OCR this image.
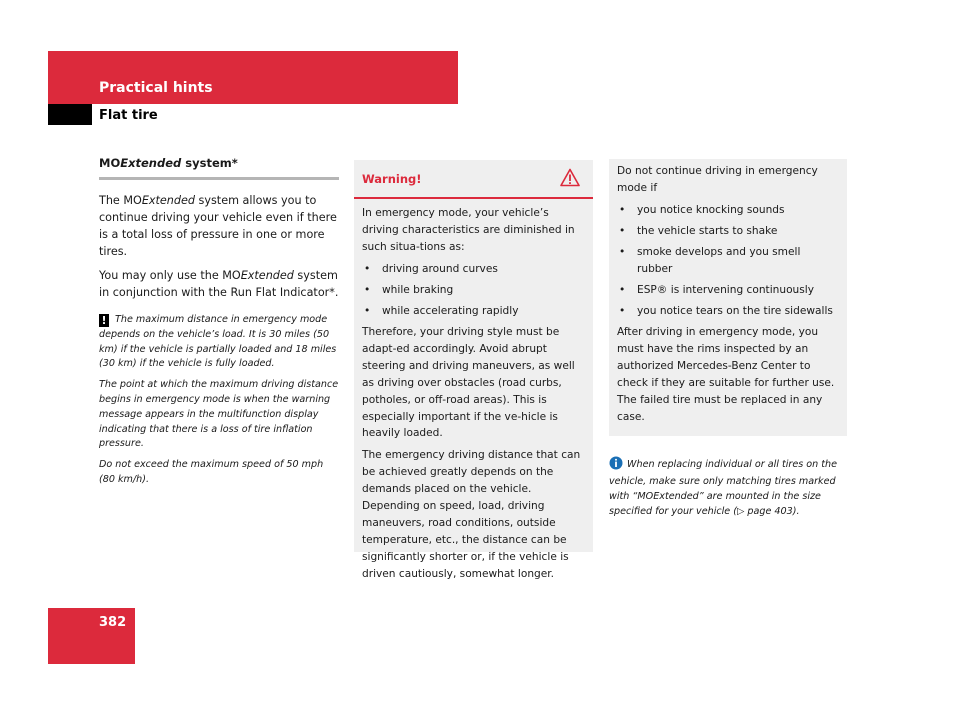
Practical hints
Flat tire
MOExtended system*

The MOExtended system allows you to continue driving your vehicle even if there is a total loss of pressure in one or more tires.

You may only use the MOExtended system in conjunction with the Run Flat Indicator*.

! The maximum distance in emergency mode depends on the vehicle’s load. It is 30 miles (50 km) if the vehicle is partially loaded and 18 miles (30 km) if the vehicle is fully loaded.

The point at which the maximum driving distance begins in emergency mode is when the warning message appears in the multifunction display indicating that there is a loss of tire inflation pressure.

Do not exceed the maximum speed of 50 mph (80 km/h).

Warning!

In emergency mode, your vehicle’s driving characteristics are diminished in such situa-tions as:

• driving around curves
• while braking
• while accelerating rapidly

Therefore, your driving style must be adapt-ed accordingly. Avoid abrupt steering and driving maneuvers, as well as driving over obstacles (road curbs, potholes, or off-road areas). This is especially important if the ve-hicle is heavily loaded.

The emergency driving distance that can be achieved greatly depends on the demands placed on the vehicle. Depending on speed, load, driving maneuvers, road conditions, outside temperature, etc., the distance can be significantly shorter or, if the vehicle is driven cautiously, somewhat longer.

Do not continue driving in emergency mode if

• you notice knocking sounds
• the vehicle starts to shake
• smoke develops and you smell rubber
• ESP® is intervening continuously
• you notice tears on the tire sidewalls

After driving in emergency mode, you must have the rims inspected by an authorized Mercedes-Benz Center to check if they are suitable for further use. The failed tire must be replaced in any case.

When replacing individual or all tires on the vehicle, make sure only matching tires marked with “MOExtended” are mounted in the size specified for your vehicle (▷ page 403).
382
